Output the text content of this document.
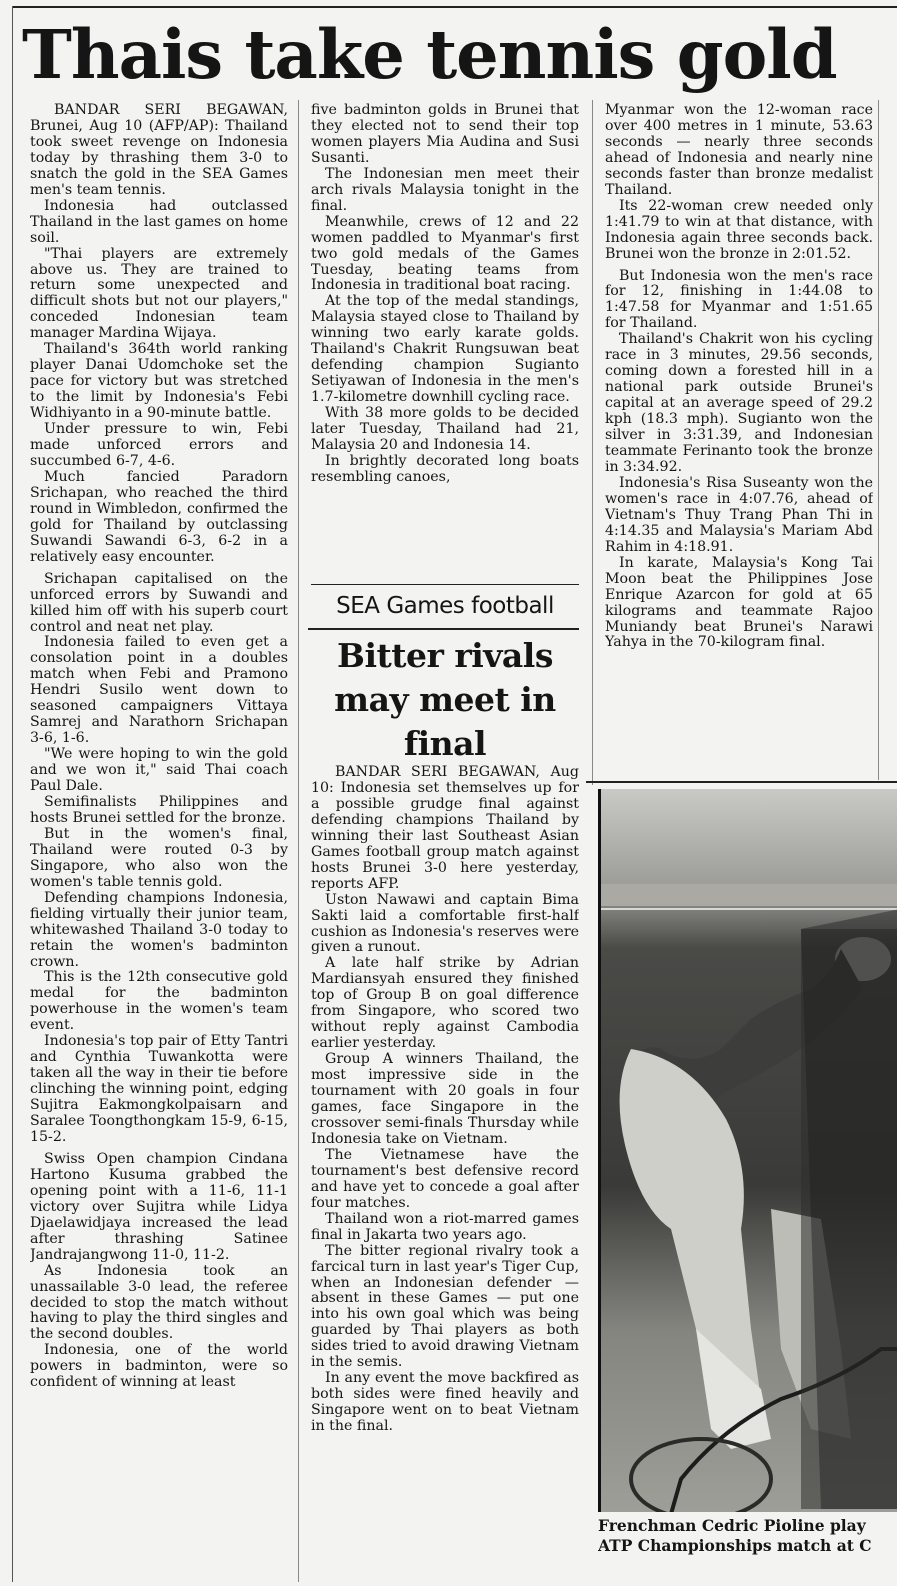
Thais take tennis gold

BANDAR SERI BEGAWAN, Brunei, Aug 10 (AFP/AP): Thailand took sweet revenge on Indonesia today by thrashing them 3-0 to snatch the gold in the SEA Games men's team tennis.

Indonesia had outclassed Thailand in the last games on home soil.

"Thai players are extremely above us. They are trained to return some unexpected and difficult shots but not our players," conceded Indonesian team manager Mardina Wijaya.

Thailand's 364th world ranking player Danai Udomchoke set the pace for victory but was stretched to the limit by Indonesia's Febi Widhiyanto in a 90-minute battle.

Under pressure to win, Febi made unforced errors and succumbed 6-7, 4-6.

Much fancied Paradorn Srichapan, who reached the third round in Wimbledon, confirmed the gold for Thailand by outclassing Suwandi Sawandi 6-3, 6-2 in a relatively easy encounter.

Srichapan capitalised on the unforced errors by Suwandi and killed him off with his superb court control and neat net play.

Indonesia failed to even get a consolation point in a doubles match when Febi and Pramono Hendri Susilo went down to seasoned campaigners Vittaya Samrej and Narathorn Srichapan 3-6, 1-6.

"We were hoping to win the gold and we won it," said Thai coach Paul Dale.

Semifinalists Philippines and hosts Brunei settled for the bronze.

But in the women's final, Thailand were routed 0-3 by Singapore, who also won the women's table tennis gold.

Defending champions Indonesia, fielding virtually their junior team, whitewashed Thailand 3-0 today to retain the women's badminton crown.

This is the 12th consecutive gold medal for the badminton powerhouse in the women's team event.

Indonesia's top pair of Etty Tantri and Cynthia Tuwankotta were taken all the way in their tie before clinching the winning point, edging Sujitra Eakmongkolpaisarn and Saralee Toongthongkam 15-9, 6-15, 15-2.

Swiss Open champion Cindana Hartono Kusuma grabbed the opening point with a 11-6, 11-1 victory over Sujitra while Lidya Djaelawidjaya increased the lead after thrashing Satinee Jandrajangwong 11-0, 11-2.

As Indonesia took an unassailable 3-0 lead, the referee decided to stop the match without having to play the third singles and the second doubles.

Indonesia, one of the world powers in badminton, were so confident of winning at least

five badminton golds in Brunei that they elected not to send their top women players Mia Audina and Susi Susanti.

The Indonesian men meet their arch rivals Malaysia tonight in the final.

Meanwhile, crews of 12 and 22 women paddled to Myanmar's first two gold medals of the Games Tuesday, beating teams from Indonesia in traditional boat racing.

At the top of the medal standings, Malaysia stayed close to Thailand by winning two early karate golds. Thailand's Chakrit Rungsuwan beat defending champion Sugianto Setiyawan of Indonesia in the men's 1.7-kilometre downhill cycling race.

With 38 more golds to be decided later Tuesday, Thailand had 21, Malaysia 20 and Indonesia 14.

In brightly decorated long boats resembling canoes,

Myanmar won the 12-woman race over 400 metres in 1 minute, 53.63 seconds — nearly three seconds ahead of Indonesia and nearly nine seconds faster than bronze medalist Thailand.

Its 22-woman crew needed only 1:41.79 to win at that distance, with Indonesia again three seconds back. Brunei won the bronze in 2:01.52.

But Indonesia won the men's race for 12, finishing in 1:44.08 to 1:47.58 for Myanmar and 1:51.65 for Thailand.

Thailand's Chakrit won his cycling race in 3 minutes, 29.56 seconds, coming down a forested hill in a national park outside Brunei's capital at an average speed of 29.2 kph (18.3 mph). Sugianto won the silver in 3:31.39, and Indonesian teammate Ferinanto took the bronze in 3:34.92.

Indonesia's Risa Suseanty won the women's race in 4:07.76, ahead of Vietnam's Thuy Trang Phan Thi in 4:14.35 and Malaysia's Mariam Abd Rahim in 4:18.91.

In karate, Malaysia's Kong Tai Moon beat the Philippines Jose Enrique Azarcon for gold at 65 kilograms and teammate Rajoo Muniandy beat Brunei's Narawi Yahya in the 70-kilogram final.

SEA Games football
Bitter rivals may meet in final

BANDAR SERI BEGAWAN, Aug 10: Indonesia set themselves up for a possible grudge final against defending champions Thailand by winning their last Southeast Asian Games football group match against hosts Brunei 3-0 here yesterday, reports AFP.

Uston Nawawi and captain Bima Sakti laid a comfortable first-half cushion as Indonesia's reserves were given a runout.

A late half strike by Adrian Mardiansyah ensured they finished top of Group B on goal difference from Singapore, who scored two without reply against Cambodia earlier yesterday.

Group A winners Thailand, the most impressive side in the tournament with 20 goals in four games, face Singapore in the crossover semi-finals Thursday while Indonesia take on Vietnam.

The Vietnamese have the tournament's best defensive record and have yet to concede a goal after four matches.

Thailand won a riot-marred games final in Jakarta two years ago.

The bitter regional rivalry took a farcical turn in last year's Tiger Cup, when an Indonesian defender — absent in these Games — put one into his own goal which was being guarded by Thai players as both sides tried to avoid drawing Vietnam in the semis.

In any event the move backfired as both sides were fined heavily and Singapore went on to beat Vietnam in the final.

Frenchman Cedric Pioline play
ATP Championships match at C
